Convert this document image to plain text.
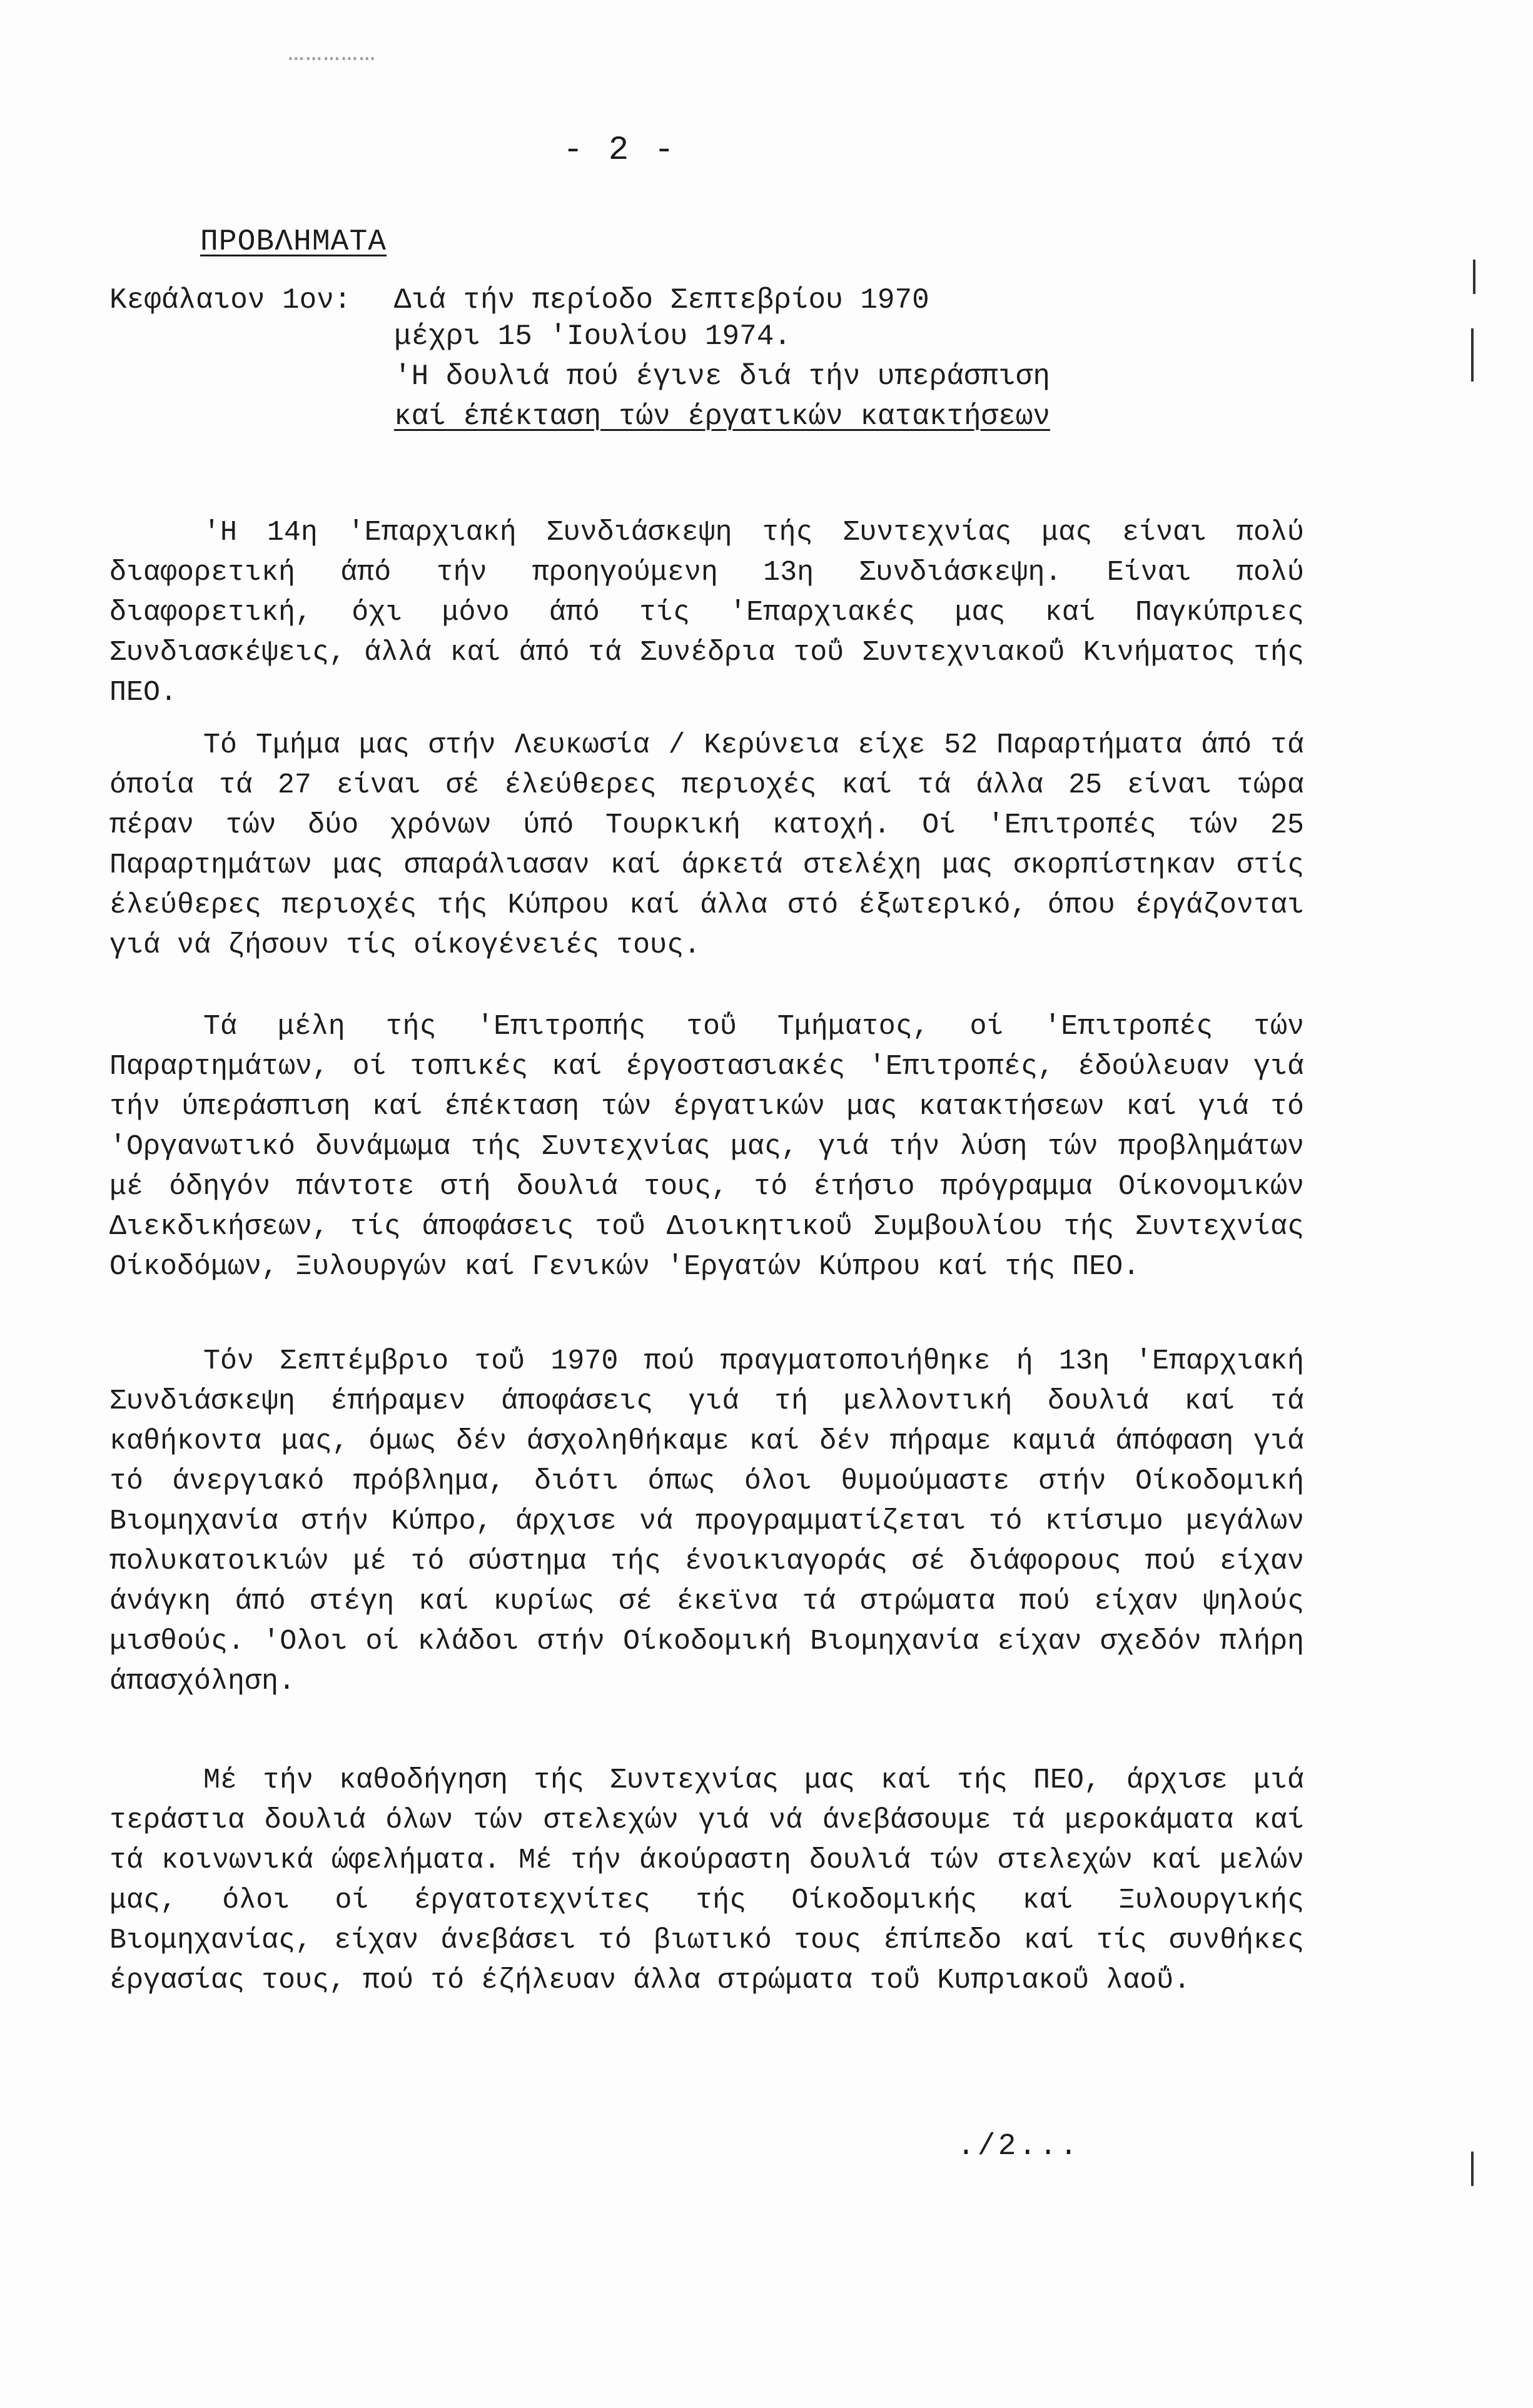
……………
- 2 -
ΠΡΟΒΛΗΜΑΤΑ
Κεφάλαιον 1ον: Διά τήν περίοδο Σεπτεβρίου 1970
μέχρι 15 'Ιουλίου 1974.
'Η δουλιά πού έγινε διά τήν υπεράσπιση
καί έπέκταση τών έργατικών κατακτήσεων

'Η 14η 'Επαρχιακή Συνδιάσκεψη τής Συντεχνίας μας είναι πολύ διαφορετική άπό τήν προηγούμενη 13η Συνδιάσκεψη. Είναι πολύ διαφορετική, όχι μόνο άπό τίς 'Επαρχιακές μας καί Παγκύπριες Συνδιασκέψεις, άλλά καί άπό τά Συνέδρια τοΰ Συντεχνιακοΰ Κινήματος τής ΠΕΟ.

Τό Τμήμα μας στήν Λευκωσία / Κερύνεια είχε 52 Παραρτήματα άπό τά όποία τά 27 είναι σέ έλεύθερες περιοχές καί τά άλλα 25 είναι τώρα πέραν τών δύο χρόνων ύπό Τουρκική κατοχή. Οί 'Επιτροπές τών 25 Παραρτημάτων μας σπαράλιασαν καί άρκετά στελέχη μας σκορπίστηκαν στίς έλεύθερες περιοχές τής Κύπρου καί άλλα στό έξωτερικό, όπου έργάζονται γιά νά ζήσουν τίς οίκογένειές τους.

Τά μέλη τής 'Επιτροπής τοΰ Τμήματος, οί 'Επιτροπές τών Παραρτημάτων, οί τοπικές καί έργοστασιακές 'Επιτροπές, έδούλευαν γιά τήν ύπεράσπιση καί έπέκταση τών έργατικών μας κατακτήσεων καί γιά τό 'Οργανωτικό δυνάμωμα τής Συντεχνίας μας, γιά τήν λύση τών προβλημάτων μέ όδηγόν πάντοτε στή δουλιά τους, τό έτήσιο πρόγραμμα Οίκονομικών Διεκδικήσεων, τίς άποφάσεις τοΰ Διοικητικοΰ Συμβουλίου τής Συντεχνίας Οίκοδόμων, Ξυλουργών καί Γενικών 'Εργατών Κύπρου καί τής ΠΕΟ.

Τόν Σεπτέμβριο τοΰ 1970 πού πραγματοποιήθηκε ή 13η 'Επαρχιακή Συνδιάσκεψη έπήραμεν άποφάσεις γιά τή μελλοντική δουλιά καί τά καθήκοντα μας, όμως δέν άσχοληθήκαμε καί δέν πήραμε καμιά άπόφαση γιά τό άνεργιακό πρόβλημα, διότι όπως όλοι θυμούμαστε στήν Οίκοδομική Βιομηχανία στήν Κύπρο, άρχισε νά προγραμματίζεται τό κτίσιμο μεγάλων πολυκατοικιών μέ τό σύστημα τής ένοικιαγοράς σέ διάφορους πού είχαν άνάγκη άπό στέγη καί κυρίως σέ έκεϊνα τά στρώματα πού είχαν ψηλούς μισθούς. 'Ολοι οί κλάδοι στήν Οίκοδομική Βιομηχανία είχαν σχεδόν πλήρη άπασχόληση.

Μέ τήν καθοδήγηση τής Συντεχνίας μας καί τής ΠΕΟ, άρχισε μιά τεράστια δουλιά όλων τών στελεχών γιά νά άνεβάσουμε τά μεροκάματα καί τά κοινωνικά ώφελήματα. Μέ τήν άκούραστη δουλιά τών στελεχών καί μελών μας, όλοι οί έργατοτεχνίτες τής Οίκοδομικής καί Ξυλουργικής Βιομηχανίας, είχαν άνεβάσει τό βιωτικό τους έπίπεδο καί τίς συνθήκες έργασίας τους, πού τό έζήλευαν άλλα στρώματα τοΰ Κυπριακοΰ λαοΰ.

./2...
